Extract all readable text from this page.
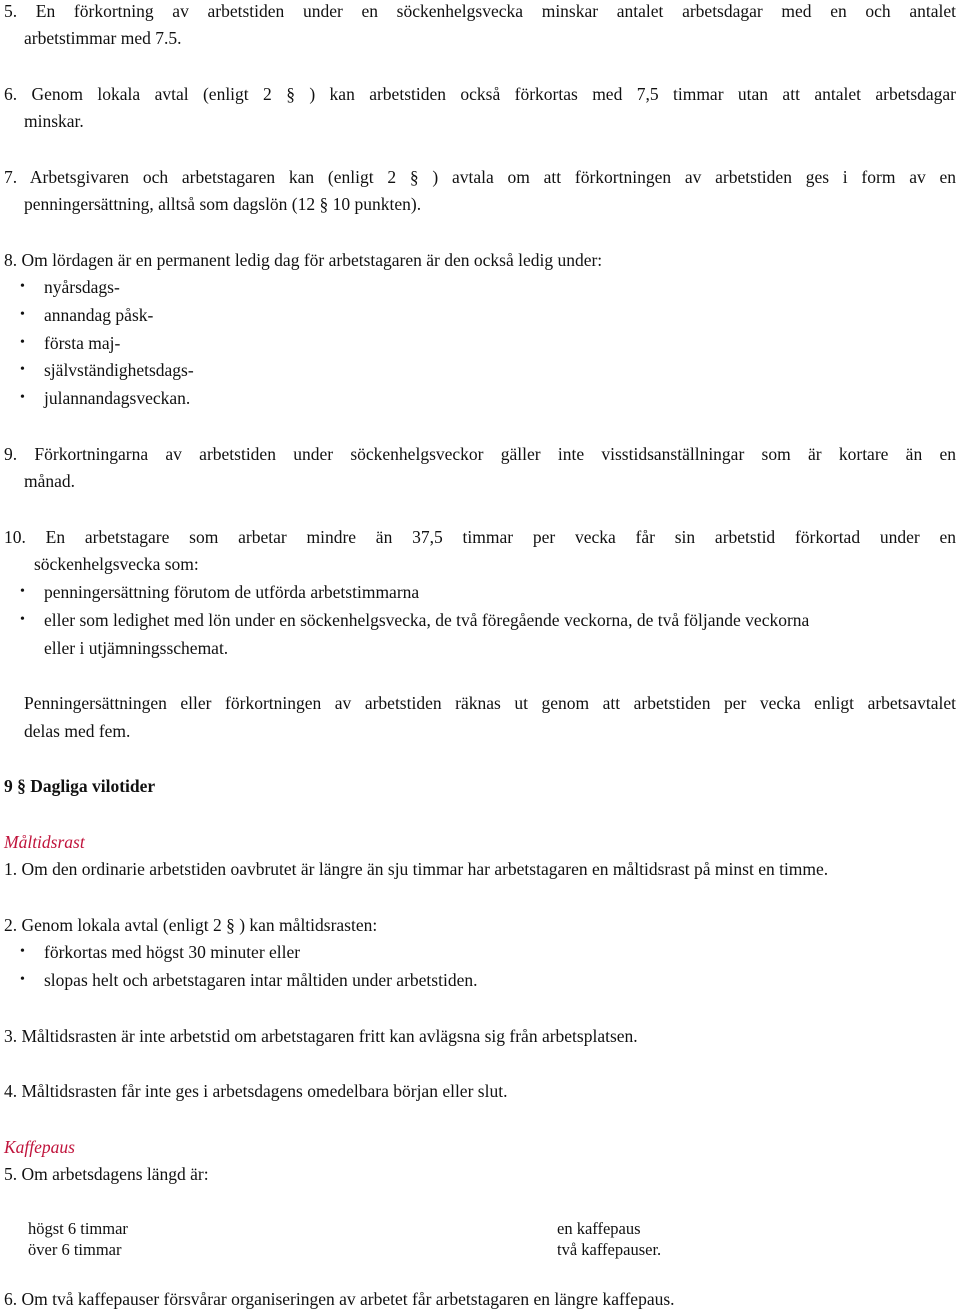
5. En förkortning av arbetstiden under en söckenhelgsvecka minskar antalet arbetsdagar med en och antalet
arbetstimmar med 7.5.
6. Genom lokala avtal (enligt 2 § ) kan arbetstiden också förkortas med 7,5 timmar utan att antalet arbetsdagar
minskar.
7. Arbetsgivaren och arbetstagaren kan (enligt 2 § ) avtala om att förkortningen av arbetstiden ges i form av en
penningersättning, alltså som dagslön (12 § 10 punkten).
8. Om lördagen är en permanent ledig dag för arbetstagaren är den också ledig under:
• nyårsdags-
• annandag påsk-
• första maj-
• självständighetsdags-
• julannandagsveckan.
9. Förkortningarna av arbetstiden under söckenhelgsveckor gäller inte visstidsanställningar som är kortare än en
månad.
10. En arbetstagare som arbetar mindre än 37,5 timmar per vecka får sin arbetstid förkortad under en
söckenhelgsvecka som:
• penningersättning förutom de utförda arbetstimmarna
• eller som ledighet med lön under en söckenhelgsvecka, de två föregående veckorna, de två följande veckorna
eller i utjämningsschemat.
Penningersättningen eller förkortningen av arbetstiden räknas ut genom att arbetstiden per vecka enligt arbetsavtalet
delas med fem.
9 § Dagliga vilotider
Måltidsrast
1. Om den ordinarie arbetstiden oavbrutet är längre än sju timmar har arbetstagaren en måltidsrast på minst en timme.
2. Genom lokala avtal (enligt 2 § ) kan måltidsrasten:
• förkortas med högst 30 minuter eller
• slopas helt och arbetstagaren intar måltiden under arbetstiden.
3. Måltidsrasten är inte arbetstid om arbetstagaren fritt kan avlägsna sig från arbetsplatsen.
4. Måltidsrasten får inte ges i arbetsdagens omedelbara början eller slut.
Kaffepaus
5. Om arbetsdagens längd är:
högst 6 timmar	en kaffepaus
över 6 timmar	två kaffepauser.
6. Om två kaffepauser försvårar organiseringen av arbetet får arbetstagaren en längre kaffepaus.
